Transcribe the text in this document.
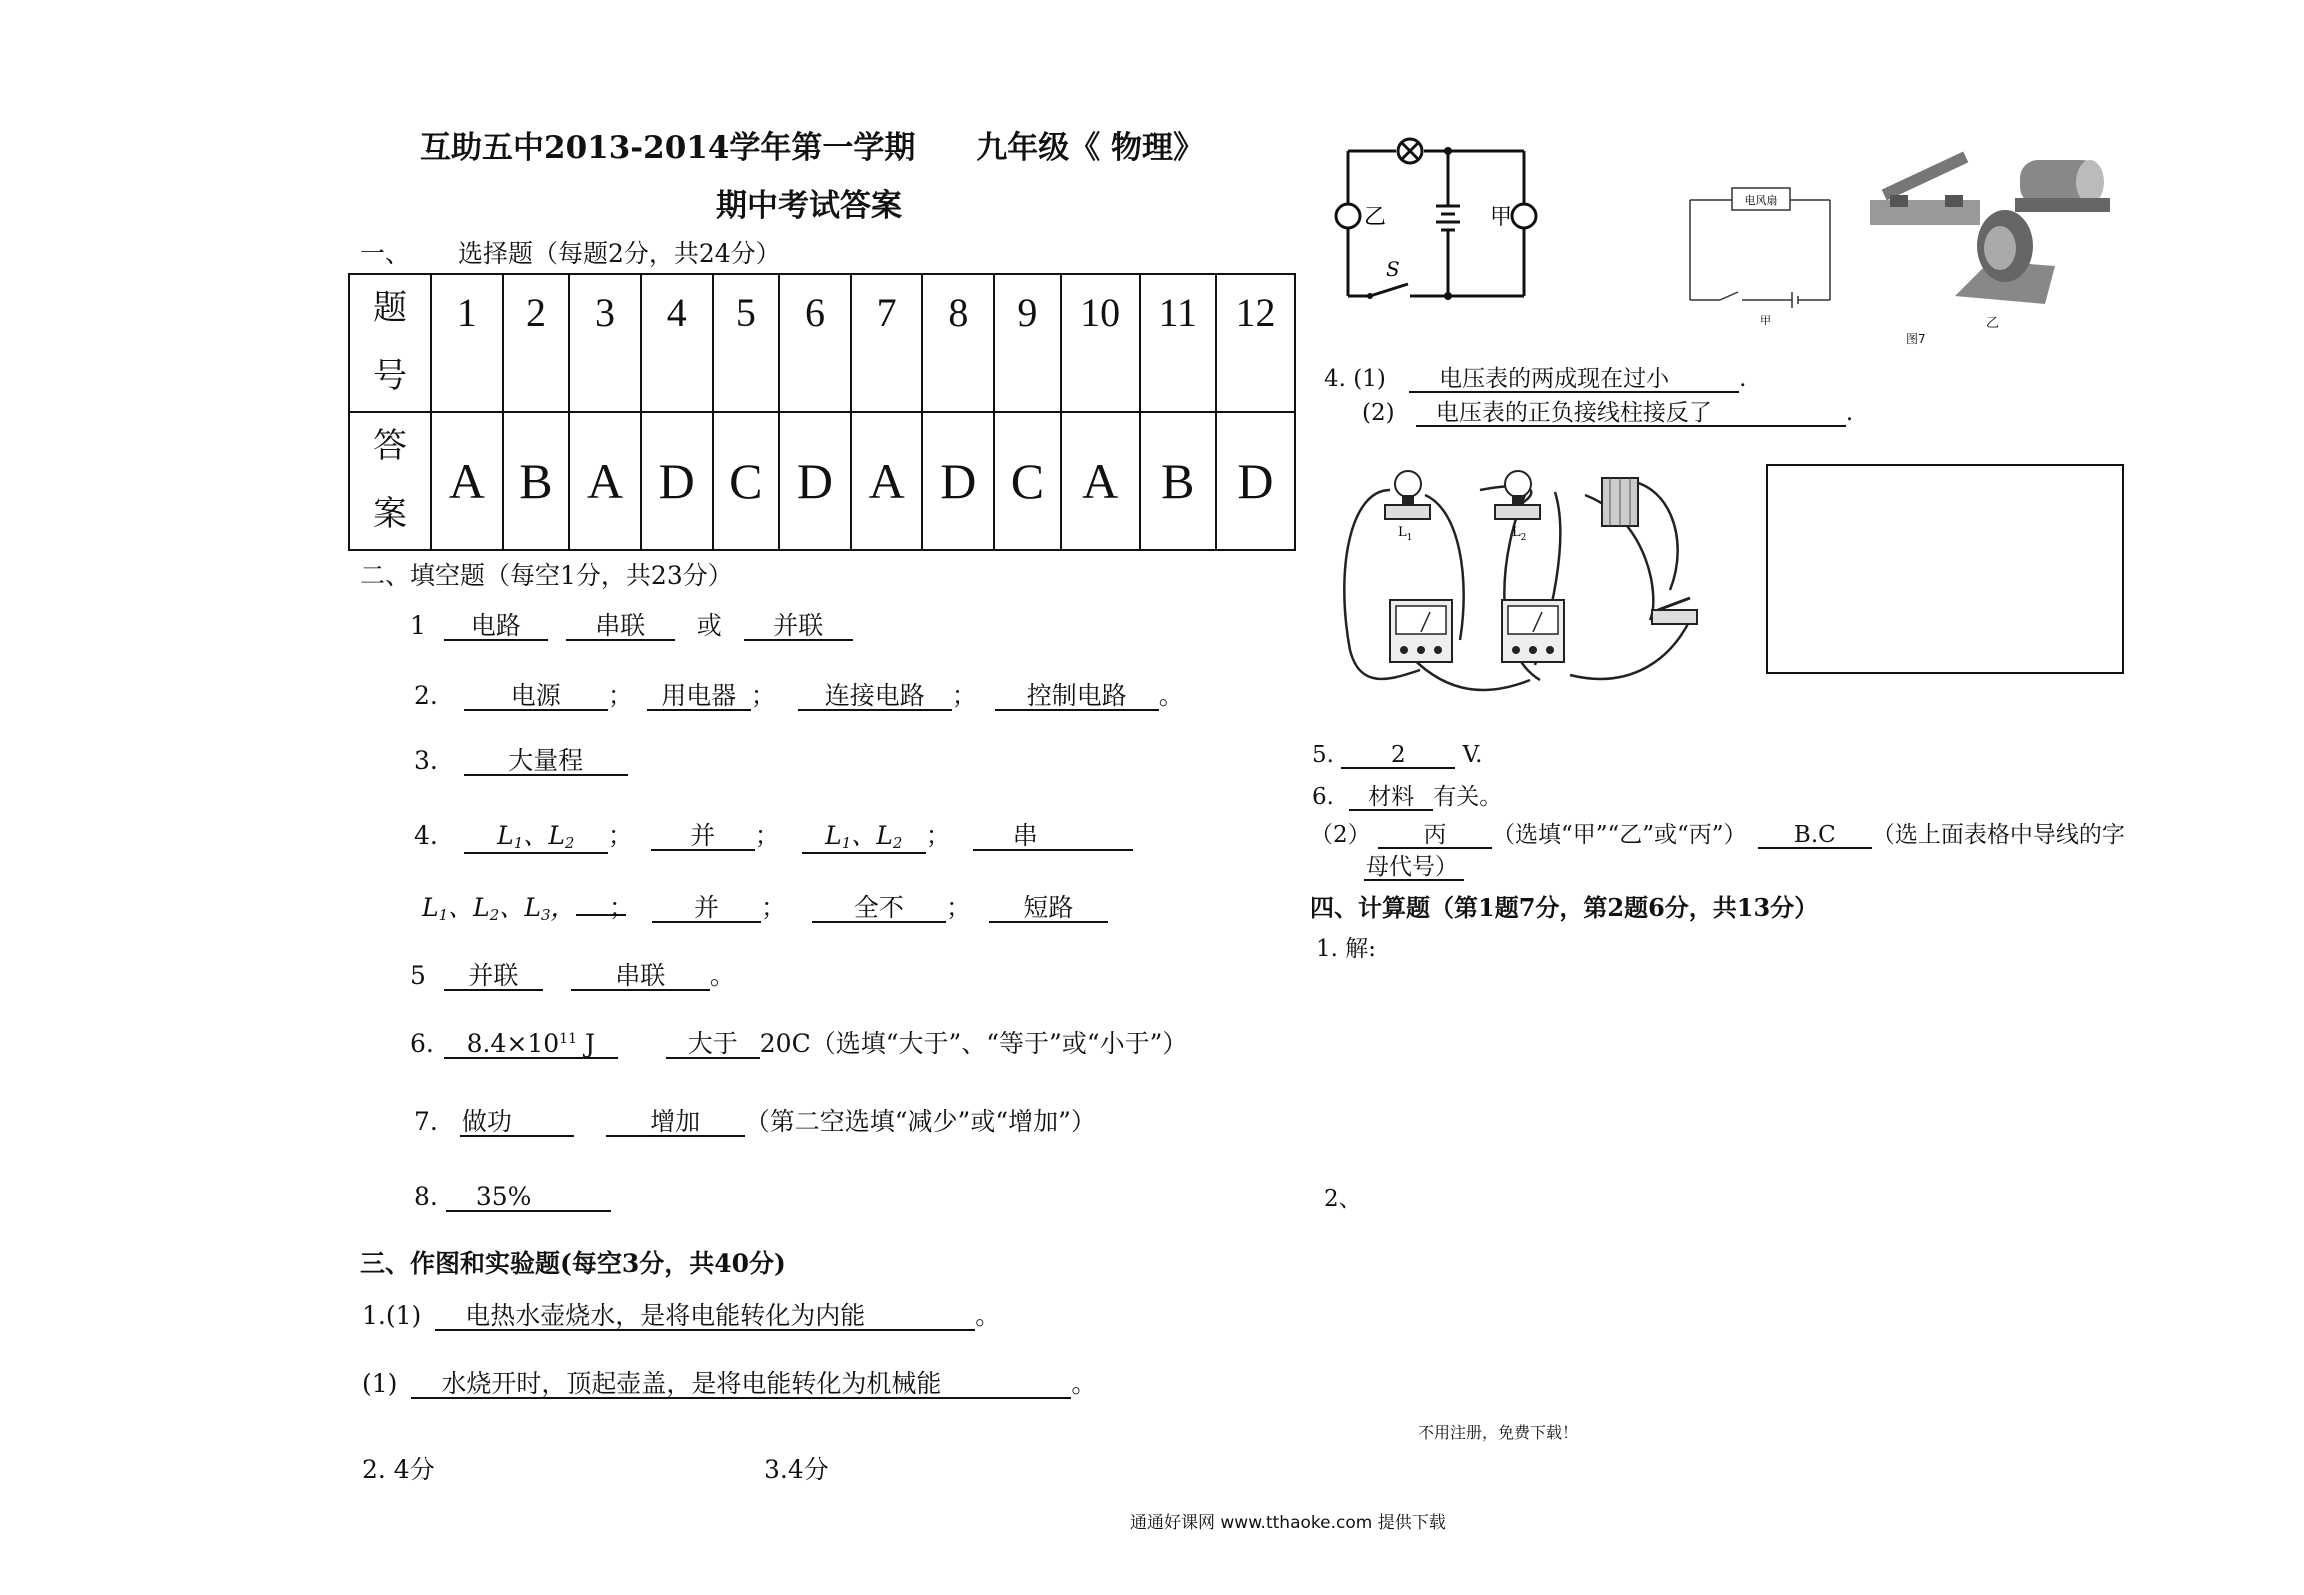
互助五中2013-2014学年第一学期 九年级《 物理》
期中考试答案
一、 选择题（每题2分，共24分）
题
号	1	2	3	4	5	6	7	8	9	10	11	12

答
案	A	B	A	D	C	D	A	D	C	A	B	D
二、填空题（每空1分，共23分）
1 电路	串联 或 并联
2.	电源 ； 用电器 ； 连接电路 ； 控制电路 。
3.	大量程
4. $L_1$、$L_2$ ； 并 ； $L_1$、$L_2$ ； 串
$L_1$、$L_2$、$L_3$， ； 并 ；	全不 ； 短路
5 并联	串联 。
6. $8.4\times 10^{11}$ J	大于 20C（选填“大于”、“等于”或“小于”）
7. 做功	增加 （第二空选填“减少”或“增加”）
8. 35%
三、作图和实验题(每空3分，共40分)
1.(1) 电热水壶烧水，是将电能转化为内能	。
(1) 水烧开时，顶起壶盖，是将电能转化为机械能	。
2. 4分	3.4分
乙	甲
S
电风扇
甲	乙
图7
4. (1) 电压表的两成现在过小	.
(2) 电压表的正负接线柱接反了	.
$L_1$	$L_2$
5. 2 V.
6. 材料 有关。
（2） 丙 （选填“甲”“乙”或“丙”） B.C （选上面表格中导线的字
母代号）
四、计算题（第1题7分，第2题6分，共13分）
1. 解:
2、
不用注册，免费下载！
通通好课网 www.tthaoke.com 提供下载
